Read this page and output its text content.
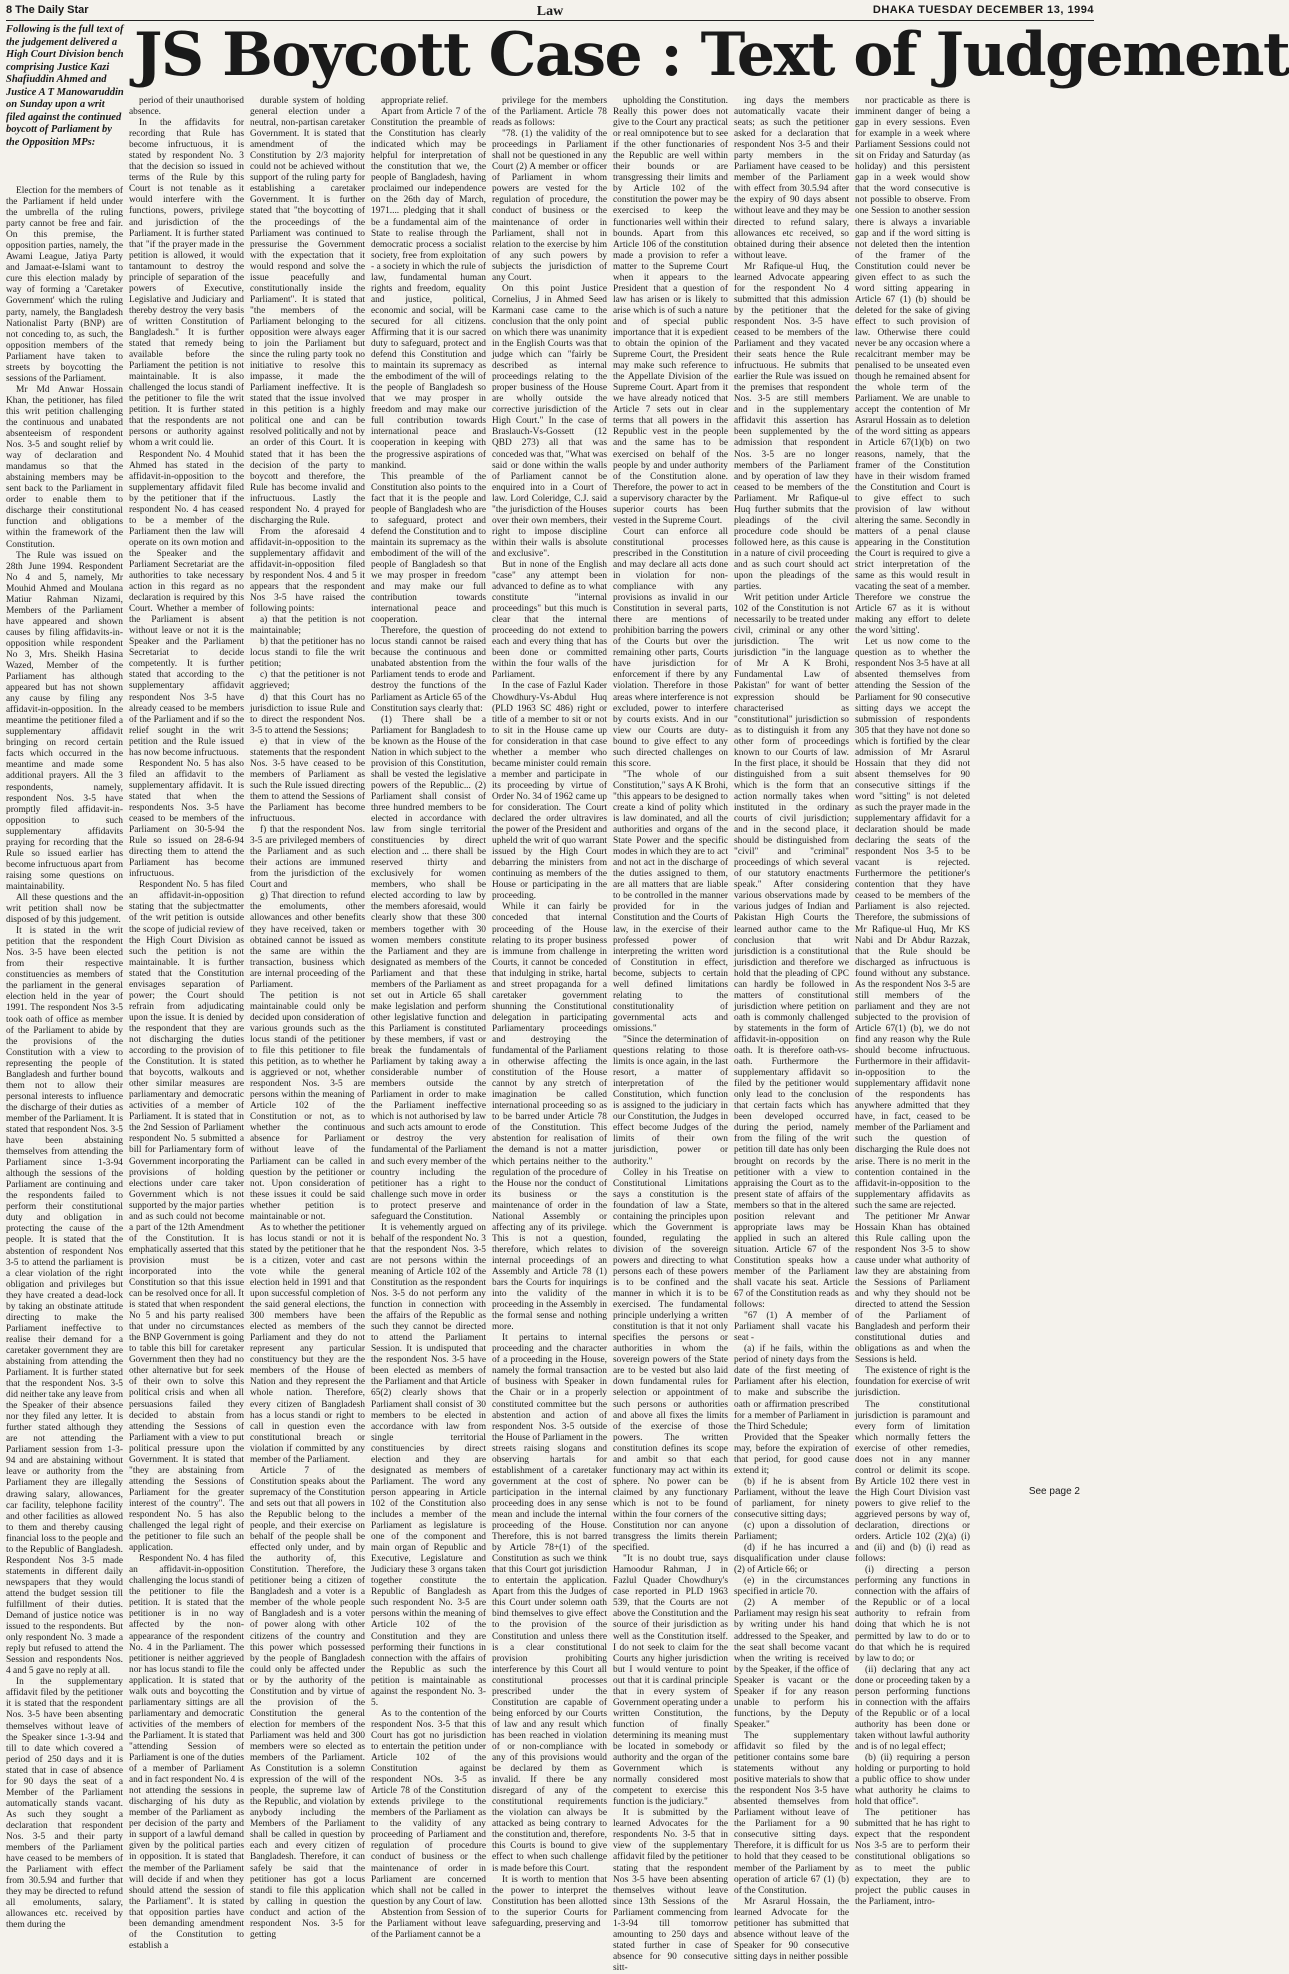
8 The Daily Star	Law	DHAKA TUESDAY DECEMBER 13, 1994
Following is the full text of the judgement delivered a High Court Division bench comprising Justice Kazi Shafiuddin Ahmed and Justice A T Manowaruddin on Sunday upon a writ filed against the continued boycott of Parliament by the Opposition MPs:
JS Boycott Case : Text of Judgement

Election for the members of the Parliament if held under the umbrella of the ruling party cannot be free and fair. On this premise, the opposition parties, namely, the Awami League, Jatiya Party and Jamaat-e-Islami want to cure this election malady by way of forming a 'Caretaker Government' which the ruling party, namely, the Bangladesh Nationalist Party (BNP) are not conceding to, as such, the opposition members of the Parliament have taken to streets by boycotting the sessions of the Parliament.

Mr Md Anwar Hossain Khan, the petitioner, has filed this writ petition challenging the continuous and unabated absenteeism of respondent Nos. 3-5 and sought relief by way of declaration and mandamus so that the abstaining members may be sent back to the Parliament in order to enable them to discharge their constitutional function and obligations within the framework of the Constitution.

The Rule was issued on 28th June 1994. Respondent No 4 and 5, namely, Mr Mouhid Ahmed and Moulana Matiur Rahman Nizami, Members of the Parliament have appeared and shown causes by filing affidavits-in-opposition while respondent No 3, Mrs. Sheikh Hasina Wazed, Member of the Parliament has although appeared but has not shown any cause by filing any affidavit-in-opposition. In the meantime the petitioner filed a supplementary affidavit bringing on record certain facts which occurred in the meantime and made some additional prayers. All the 3 respondents, namely, respondent Nos. 3-5 have promptly filed affidavit-in-opposition to such supplementary affidavits praying for recording that the Rule so issued earlier has become infructuous apart from raising some questions on maintainability.

All these questions and the writ petition shall now be disposed of by this judgement.

It is stated in the writ petition that the respondent Nos. 3-5 have been elected from their respective constituencies as members of the parliament in the general election held in the year of 1991. The respondent Nos 3-5 took oath of office as member of the Parliament to abide by the provisions of the Constitution with a view to representing the people of Bangladesh and further bound them not to allow their personal interests to influence the discharge of their duties as member of the Parliament. It is stated that respondent Nos. 3-5 have been abstaining themselves from attending the Parliament since 1-3-94 although the sessions of the Parliament are continuing and the respondents failed to perform their constitutional duty and obligation in protecting the cause of the people. It is stated that the abstention of respondent Nos 3-5 to attend the parliament is a clear violation of the right obligation and privileges but they have created a dead-lock by taking an obstinate attitude directing to make the Parliament ineffective to realise their demand for a caretaker government they are abstaining from attending the Parliament. It is further stated that the respondent Nos. 3-5 did neither take any leave from the Speaker of their absence nor they filed any letter. It is further stated although they are not attending the Parliament session from 1-3-94 and are abstaining without leave or authority from the Parliament they are illegally drawing salary, allowances, car facility, telephone facility and other facilities as allowed to them and thereby causing financial loss to the people and to the Republic of Bangladesh. Respondent Nos 3-5 made statements in different daily newspapers that they would attend the budget session till fulfillment of their duties. Demand of justice notice was issued to the respondents. But only respondent No. 3 made a reply but refused to attend the Session and respondents Nos. 4 and 5 gave no reply at all.

In the supplementary affidavit filed by the petitioner it is stated that the respondent Nos. 3-5 have been absenting themselves without leave of the Speaker since 1-3-94 and till to date which covered a period of 250 days and it is stated that in case of absence for 90 days the seat of a Member of the Parliament automatically stands vacant. As such they sought a declaration that respondent Nos. 3-5 and their party members of the Parliament have ceased to be members of the Parliament with effect from 30.5.94 and further that they may be directed to refund all emoluments, salary, allowances etc. received by them during the

period of their unauthorised absence.

In the affidavits for recording that Rule has become infructuous, it is stated by respondent No. 3 that the decision so issued in terms of the Rule by this Court is not tenable as it would interfere with the functions, powers, privilege and jurisdiction of the Parliament. It is further stated that "if the prayer made in the petition is allowed, it would tantamount to destroy the principle of separation of the powers of Executive, Legislative and Judiciary and thereby destroy the very basis of written Constitution of Bangladesh." It is further stated that remedy being available before the Parliament the petition is not maintainable. It is also challenged the locus standi of the petitioner to file the writ petition. It is further stated that the respondents are not persons or authority against whom a writ could lie.

Respondent No. 4 Mouhid Ahmed has stated in the affidavit-in-opposition to the supplementary affidavit filed by the petitioner that if the respondent No. 4 has ceased to be a member of the Parliament then the law will operate on its own motion and the Speaker and the Parliament Secretariat are the authorities to take necessary action in this regard as no declaration is required by this Court. Whether a member of the Parliament is absent without leave or not it is the Speaker and the Parliament Secretariat to decide competently. It is further stated that according to the supplementary affidavit respondent Nos 3-5 have already ceased to be members of the Parliament and if so the relief sought in the writ petition and the Rule issued has now become infructuous.

Respondent No. 5 has also filed an affidavit to the supplementary affidavit. It is stated that when the respondents Nos. 3-5 have ceased to be members of the Parliament on 30-5-94 the Rule so issued on 28-6-94 directing them to attend the Parliament has become infructuous.

Respondent No. 5 has filed an affidavit-in-opposition stating that the subjectmatter of the writ petition is outside the scope of judicial review of the High Court Division as such the petition is not maintainable. It is further stated that the Constitution envisages separation of power; the Court should refrain from adjudicating upon the issue. It is denied by the respondent that they are not discharging the duties according to the provision of the Constitution. It is stated that boycotts, walkouts and other similar measures are parliamentary and democratic activities of a member of Parliament. It is stated that in the 2nd Session of Parliament respondent No. 5 submitted a bill for Parliamentary form of Government incorporating the provisions of holding elections under care taker Government which is not supported by the major parties and as such could not become a part of the 12th Amendment of the Constitution. It is emphatically asserted that this provision must be incorporated into the Constitution so that this issue can be resolved once for all. It is stated that when respondent No 5 and his party realised that under no circumstances the BNP Government is going to table this bill for caretaker Government then they had no other alternative but for seek of their own to solve this political crisis and when all persuasions failed they decided to abstain from attending the Sessions of Parliament with a view to put political pressure upon the Government. It is stated that "they are abstaining from attending the Sessions of Parliament for the greater interest of the country". The respondent No. 5 has also challenged the legal right of the petitioner to file such an application.

Respondent No. 4 has filed an affidavit-in-opposition challenging the locus standi of the petitioner to file the petition. It is stated that the petitioner is in no way affected by the non-appearance of the respondent No. 4 in the Parliament. The petitioner is neither aggrieved nor has locus standi to file the application. It is stated that walk outs and boycotting the parliamentary sittings are all parliamentary and democratic activities of the members of the Parliament. It is stated that "attending Session of Parliament is one of the duties of a member of Parliament and in fact respondent No. 4 is not attending the sessions in discharging of his duty as member of the Parliament as per decision of the party and in support of a lawful demand given by the political parties in opposition. It is stated that the member of the Parliament will decide if and when they should attend the session of the Parliament". It is stated that opposition parties have been demanding amendment of the Constitution to establish a

durable system of holding general election under a neutral, non-partisan caretaker Government. It is stated that amendment of the Constitution by 2/3 majority could not be achieved without support of the ruling party for establishing a caretaker Government. It is further stated that "the boycotting of the proceedings of the Parliament was continued to pressurise the Government with the expectation that it would respond and solve the issue peacefully and constitutionally inside the Parliament". It is stated that "the members of the Parliament belonging to the opposition were always eager to join the Parliament but since the ruling party took no initiative to resolve this impasse, it made the Parliament ineffective. It is stated that the issue involved in this petition is a highly political one and can be resolved politically and not by an order of this Court. It is stated that it has been the decision of the party to boycott and therefore, the Rule has become invalid and infructuous. Lastly the respondent No. 4 prayed for discharging the Rule.

From the aforesaid 4 affidavit-in-opposition to the supplementary affidavit and affidavit-in-opposition filed by respondent Nos. 4 and 5 it appears that the respondent Nos 3-5 have raised the following points:

a) that the petition is not maintainable;

b) that the petitioner has no locus standi to file the writ petition;

c) that the petitioner is not aggrieved;

d) that this Court has no jurisdiction to issue Rule and to direct the respondent Nos. 3-5 to attend the Sessions;

e) that in view of the statements that the respondent Nos. 3-5 have ceased to be members of Parliament as such the Rule issued directing them to attend the Sessions of the Parliament has become infructuous.

f) that the respondent Nos. 3-5 are privileged members of the Parliament and as such their actions are immuned from the jurisdiction of the Court and

g) That direction to refund the emoluments, other allowances and other benefits they have received, taken or obtained cannot be issued as the same are within the transaction, business which are internal proceeding of the Parliament.

The petition is not maintainable could only be decided upon consideration of various grounds such as the locus standi of the petitioner to file this petitioner to file this petition, as to whether he is aggrieved or not, whether respondent Nos. 3-5 are persons within the meaning of Article 102 of the Constitution or not, as to whether the continuous absence for Parliament without leave of the Parliament can be called in question by the petitioner or not. Upon consideration of these issues it could be said whether petition is maintainable or not.

As to whether the petitioner has locus standi or not it is stated by the petitioner that he is a citizen, voter and cast vote while the general election held in 1991 and that upon successful completion of the said general elections, the 300 members have been elected as members of the Parliament and they do not represent any particular constituency but they are the members of the House of Nation and they represent the whole nation. Therefore, every citizen of Bangladesh has a locus standi or right to call in question even the constitutional breach or violation if committed by any member of the Parliament.

Article 7 of the Constitution speaks about the supremacy of the Constitution and sets out that all powers in the Republic belong to the people, and their exercise on behalf of the people shall be effected only under, and by the authority of, this Constitution. Therefore, the petitioner being a citizen of Bangladesh and a voter is a member of the whole people of Bangladesh and is a voter of power along with other citizens of the country and this power which possessed by the people of Bangladesh could only be affected under or by the authority of the Constitution and by virtue of the provision of the Constitution the general election for members of the Parliament was held and 300 members were so elected as members of the Parliament. As Constitution is a solemn expression of the will of the people, the supreme law of the Republic, and violation by anybody including the Members of the Parliament shall be called in question by each and every citizen of Bangladesh. Therefore, it can safely be said that the petitioner has got a locus standi to file this application by calling in question the conduct and action of the respondent Nos. 3-5 for getting

appropriate relief.

Apart from Article 7 of the Constitution the preamble of the Constitution has clearly indicated which may be helpful for interpretation of the constitution that we, the people of Bangladesh, having proclaimed our independence on the 26th day of March, 1971.... pledging that it shall be a fundamental aim of the State to realise through the democratic process a socialist society, free from exploitation - a society in which the rule of law, fundamental human rights and freedom, equality and justice, political, economic and social, will be secured for all citizens. Affirming that it is our sacred duty to safeguard, protect and defend this Constitution and to maintain its supremacy as the embodiment of the will of the people of Bangladesh so that we may prosper in freedom and may make our full contribution towards international peace and cooperation in keeping with the progressive aspirations of mankind.

This preamble of the Constitution also points to the fact that it is the people and people of Bangladesh who are to safeguard, protect and defend the Constitution and to maintain its supremacy as the embodiment of the will of the people of Bangladesh so that we may prosper in freedom and may make our full contribution towards international peace and cooperation.

Therefore, the question of locus standi cannot be raised because the continuous and unabated abstention from the Parliament tends to erode and destroy the functions of the Parliament as Article 65 of the Constitution says clearly that:

(1) There shall be a Parliament for Bangladesh to be known as the House of the Nation in which subject to the provision of this Constitution, shall be vested the legislative powers of the Republic... (2) Parliament shall consist of three hundred members to be elected in accordance with law from single territorial constituencies by direct election and ... there shall be reserved thirty and exclusively for women members, who shall be elected according to law by the members aforesaid, would clearly show that these 300 members together with 30 women members constitute the Parliament and they are designated as members of the Parliament and that these members of the Parliament as set out in Article 65 shall make legislation and perform other legislative function and this Parliament is constituted by these members, if vast or break the fundamentals of Parliament by taking away a considerable number of members outside the Parliament in order to make the Parliament ineffective which is not authorised by law and such acts amount to erode or destroy the very fundamental of the Parliament and such every member of the country including the petitioner has a right to challenge such move in order to protect preserve and safeguard the Constitution.

It is vehemently argued on behalf of the respondent No. 3 that the respondent Nos. 3-5 are not persons within the meaning of Article 102 of the Constitution as the respondent Nos. 3-5 do not perform any function in connection with the affairs of the Republic as such they cannot be directed to attend the Parliament Session. It is undisputed that the respondent Nos. 3-5 have been elected as members of the Parliament and that Article 65(2) clearly shows that Parliament shall consist of 30 members to be elected in accordance with law from single territorial constituencies by direct election and they are designated as members of Parliament. The word any person appearing in Article 102 of the Constitution also includes a member of the Parliament as legislature is one of the component and main organ of Republic and Executive, Legislature and Judiciary these 3 organs taken together constitute the Republic of Bangladesh as such respondent No. 3-5 are persons within the meaning of Article 102 of the Constitution and they are performing their functions in connection with the affairs of the Republic as such the petition is maintainable as against the respondent No. 3-5.

As to the contention of the respondent Nos. 3-5 that this Court has got no jurisdiction to entertain the petition under Article 102 of the Constitution against respondent NOs. 3-5 as Article 78 of the Constitution extends privilege to the members of the Parliament as to the validity of any proceeding of Parliament and regulation of procedure conduct of business or the maintenance of order in Parliament are concerned which shall not be called in question by any Court of law.

Abstention from Session of the Parliament without leave of the Parliament cannot be a

privilege for the members of the Parliament. Article 78 reads as follows:

"78. (1) the validity of the proceedings in Parliament shall not be questioned in any Court (2) A member or officer of Parliament in whom powers are vested for the regulation of procedure, the conduct of business or the maintenance of order in Parliament, shall not in relation to the exercise by him of any such powers by subjects the jurisdiction of any Court.

On this point Justice Cornelius, J in Ahmed Seed Karmani case came to the conclusion that the only point on which there was unanimity in the English Courts was that judge which can "fairly be described as internal proceedings relating to the proper business of the House are wholly outside the corrective jurisdiction of the High Court." In the case of Braslauch-Vs-Gossett (12 QBD 273) all that was conceded was that, "What was said or done within the walls of Parliament cannot be enquired into in a Court of law. Lord Coleridge, C.J. said "the jurisdiction of the Houses over their own members, their right to impose discipline within their walls is absolute and exclusive".

But in none of the English "case" any attempt been advanced to define as to what constitute "internal proceedings" but this much is clear that the internal proceeding do not extend to each and every thing that has been done or committed within the four walls of the Parliament.

In the case of Fazlul Kader Chowdhury-Vs-Abdul Huq (PLD 1963 SC 486) right or title of a member to sit or not to sit in the House came up for consideration in that case whether a member who became minister could remain a member and participate in its proceeding by virtue of Order No. 34 of 1962 came up for consideration. The Court declared the order ultravires the power of the President and upheld the writ of quo warrant issued by the High Court debarring the ministers from continuing as members of the House or participating in the proceeding.

While it can fairly be conceded that internal proceeding of the House relating to its proper business is immune from challenge in Courts, it cannot be conceded that indulging in strike, hartal and street propaganda for a caretaker government shunning the Constitutional delegation in participating Parliamentary proceedings and destroying the fundamental of the Parliament in otherwise affecting the constitution of the House cannot by any stretch of imagination be called international proceeding so as to be barred under Article 78 of the Constitution. This abstention for realisation of the demand is not a matter which pertains neither to the regulation of the procedure of the House nor the conduct of its business or the maintenance of order in the National Assembly or affecting any of its privilege. This is not a question, therefore, which relates to internal proceedings of an Assembly and Article 78 (1) bars the Courts for inquirings into the validity of the proceeding in the Assembly in the formal sense and nothing more.

It pertains to internal proceeding and the character of a proceeding in the House, namely the formal transaction of business with Speaker in the Chair or in a properly constituted committee but the abstention and action of respondent Nos. 3-5 outside the House of Parliament in the streets raising slogans and observing hartals for establishment of a caretaker government at the cost of participation in the internal proceeding does in any sense mean and include the internal proceeding of the House. Therefore, this is not barred by Article 78+(1) of the Constitution as such we think that this Court got jurisdiction to entertain the application. Apart from this the Judges of this Court under solemn oath bind themselves to give effect to the provision of the Constitution and unless there is a clear constitutional provision prohibiting interference by this Court all constitutional processes prescribed under the Constitution are capable of being enforced by our Courts of law and any result which has been reached in violation of or non-compliance with any of this provisions would be declared by them as invalid. If there be any disregard of any of the constitutional requirements the violation can always be attacked as being contrary to the constitution and, therefore, this Courts is bound to give effect to when such challenge is made before this Court.

It is worth to mention that the power to interpret the Constitution has been allotted to the superior Courts for safeguarding, preserving and

upholding the Constitution. Really this power does not give to the Court any practical or real omnipotence but to see if the other functionaries of the Republic are well within their bounds or are transgressing their limits and by Article 102 of the constitution the power may be exercised to keep the functionaries well within their bounds. Apart from this Article 106 of the constitution made a provision to refer a matter to the Supreme Court when it appears to the President that a question of law has arisen or is likely to arise which is of such a nature and of special public importance that it is expedient to obtain the opinion of the Supreme Court, the President may make such reference to the Appellate Division of the Supreme Court. Apart from it we have already noticed that Article 7 sets out in clear terms that all powers in the Republic vest in the people and the same has to be exercised on behalf of the people by and under authority of the Constitution alone. Therefore, the power to act in a supervisory character by the superior courts has been vested in the Supreme Court.

Court can enforce all constitutional processes prescribed in the Constitution and may declare all acts done in violation for non-compliance with any provisions as invalid in our Constitution in several parts, there are mentions of prohibition barring the powers of the Courts but over the remaining other parts, Courts have jurisdiction for enforcement if there by any violation. Therefore in those areas where interference is not excluded, power to interfere by courts exists. And in our view our Courts are duty-bound to give effect to any such directed challenges on this score.

"The whole of our Constitution," says A K Brohi, "this appears to be designed to create a kind of polity which is law dominated, and all the authorities and organs of the State Power and the specific modes in which they are to act and not act in the discharge of the duties assigned to them, are all matters that are liable to be controlled in the manner provided for in the Constitution and the Courts of law, in the exercise of their professed power of interpreting the written word of Constitution in effect, become, subjects to certain well defined limitations relating to the constitutionality of governmental acts and omissions."

"Since the determination of questions relating to those limits is once again, in the last resort, a matter of interpretation of the Constitution, which function is assigned to the judiciary in our Constitution, the Judges in effect become Judges of the limits of their own jurisdiction, power or authority."

Colley in his Treatise on Constitutional Limitations says a constitution is the foundation of law a State, containing the principles upon which the Government is founded, regulating the division of the sovereign powers and directing to what persons each of these powers is to be confined and the manner in which it is to be exercised. The fundamental principle underlying a written constitution is that it not only specifies the persons or authorities in whom the sovereign powers of the State are to be vested but also laid down fundamental rules for selection or appointment of such persons or authorities and above all fixes the limits of the exercise of those powers. The written constitution defines its scope and ambit so that each functionary may act within its sphere. No power can be claimed by any functionary which is not to be found within the four corners of the Constitution nor can anyone transgress the limits therein specified.

"It is no doubt true, says Hamoodur Rahman, J in Fazlul Quader Chowdhury's case reported in PLD 1963 539, that the Courts are not above the Constitution and the source of their jurisdiction as well as the Constitution itself. I do not seek to claim for the Courts any higher jurisdiction but I would venture to point out that it is cardinal principle that in every system of Government operating under a written Constitution, the function of finally determining its meaning must be located in somebody or authority and the organ of the Government which is normally considered most competent to exercise this function is the judiciary."

It is submitted by the learned Advocates for the respondents No. 3-5 that in view of the supplementary affidavit filed by the petitioner stating that the respondent Nos 3-5 have been absenting themselves without leave since 13th Sessions of the Parliament commencing from 1-3-94 till tomorrow amounting to 250 days and stated further in case of absence for 90 consecutive sitt-

ing days the members automatically vacate their seats; as such the petitioner asked for a declaration that respondent Nos 3-5 and their party members in the Parliament have ceased to be member of the Parliament with effect from 30.5.94 after the expiry of 90 days absent without leave and they may be directed to refund salary, allowances etc received, so obtained during their absence without leave.

Mr Rafique-ul Huq, the learned Advocate appearing for the respondent No 4 submitted that this admission by the petitioner that the respondent Nos. 3-5 have ceased to be members of the Parliament and they vacated their seats hence the Rule infructuous. He submits that earlier the Rule was issued on the premises that respondent Nos. 3-5 are still members and in the supplementary affidavit this assertion has been supplemented by the admission that respondent Nos. 3-5 are no longer members of the Parliament and by operation of law they ceased to be members of the Parliament. Mr Rafique-ul Huq further submits that the pleadings of the civil procedure code should be followed here, as this cause is in a nature of civil proceeding and as such court should act upon the pleadings of the parties.

Writ petition under Article 102 of the Constitution is not necessarily to be treated under civil, criminal or any other jurisdiction. The writ jurisdiction "in the language of Mr A K Brohi, Fundamental Law of Pakistan" for want of better expression should be characterised as "constitutional" jurisdiction so as to distinguish it from any other form of proceedings known to our Courts of law. In the first place, it should be distinguished from a suit which is the form that an action normally takes when instituted in the ordinary courts of civil jurisdiction; and in the second place, it should be distinguished from "civil" and "criminal" proceedings of which several of our statutory enactments speak." After considering various observations made by various judges of Indian and Pakistan High Courts the learned author came to the conclusion that writ jurisdiction is a constitutional jurisdiction and therefore we hold that the pleading of CPC can hardly be followed in matters of constitutional jurisdiction where petition on oath is commonly challenged by statements in the form of affidavit-in-opposition on oath. It is therefore oath-vs-oath. Furthermore the supplementary affidavit so filed by the petitioner would only lead to the conclusion that certain facts which has been developed occurred during the period, namely from the filing of the writ petition till date has only been brought on records by the petitioner with a view to appraising the Court as to the present state of affairs of the members so that in the altered position relevant and appropriate laws may be applied in such an altered situation. Article 67 of the Constitution speaks how a member of the Parliament shall vacate his seat. Article 67 of the Constitution reads as follows:

"67 (1) A member of Parliament shall vacate his seat -

(a) if he fails, within the period of ninety days from the date of the first meeting of Parliament after his election, to make and subscribe the oath or affirmation prescribed for a member of Parliament in the Third Schedule;

Provided that the Speaker may, before the expiration of that period, for good cause extend it;

(b) if he is absent from Parliament, without the leave of parliament, for ninety consecutive sitting days;

(c) upon a dissolution of Parliament;

(d) if he has incurred a disqualification under clause (2) of Article 66; or

(e) in the circumstances specified in article 70.

(2) A member of Parliament may resign his seat by writing under his hand addressed to the Speaker, and the seat shall become vacant when the writing is received by the Speaker, if the office of Speaker is vacant or the Speaker if for any reason unable to perform his functions, by the Deputy Speaker."

The supplementary affidavit so filed by the petitioner contains some bare statements without any positive materials to show that the respondent Nos 3-5 have absented themselves from Parliament without leave of the Parliament for a 90 consecutive sitting days. Therefore, it is difficult for us to hold that they ceased to be member of the Parliament by operation of article 67 (1) (b) of the Constitution.

Mr Asrarul Hossain, the learned Advocate for the petitioner has submitted that absence without leave of the Speaker for 90 consecutive sitting days in neither possible

nor practicable as there is imminent danger of being a gap in every sessions. Even for example in a week where Parliament Sessions could not sit on Friday and Saturday (as holiday) and this persistent gap in a week would show that the word consecutive is not possible to observe. From one Session to another session there is always a invariable gap and if the word sitting is not deleted then the intention of the framer of the Constitution could never be given effect to as such the word sitting appearing in Article 67 (1) (b) should be deleted for the sake of giving effect to such provision of law. Otherwise there could never be any occasion where a recalcitrant member may be penalised to be unseated even though he remained absent for the whole term of the Parliament. We are unable to accept the contention of Mr Asrarul Hossain as to deletion of the word sitting as appears in Article 67(1)(b) on two reasons, namely, that the framer of the Constitution have in their wisdom framed the Constitution and Court is to give effect to such provision of law without altering the same. Secondly in matters of a penal clause appearing in the Constitution the Court is required to give a strict interpretation of the same as this would result in vacating the seat of a member. Therefore we construe the Article 67 as it is without making any effort to delete the word 'sitting'.

Let us now come to the question as to whether the respondent Nos 3-5 have at all absented themselves from attending the Session of the Parliament for 90 consecutive sitting days we accept the submission of respondents 305 that they have not done so which is fortified by the clear admission of Mr Asrarul Hossain that they did not absent themselves for 90 consecutive sittings if the word "sitting" is not deleted as such the prayer made in the supplementary affidavit for a declaration should be made declaring the seats of the respondent Nos 3-5 to be vacant is rejected. Furthermore the petitioner's contention that they have ceased to be members of the Parliament is also rejected. Therefore, the submissions of Mr Rafique-ul Huq, Mr KS Nabi and Dr Abdur Razzak, that the Rule should be discharged as infructuous is found without any substance. As the respondent Nos 3-5 are still members of the parliament and they are not subjected to the provision of Article 67(1) (b), we do not find any reason why the Rule should become infructuous. Furthermore in their affidavit-in-opposition to the supplementary affidavit none of the respondents has anywhere admitted that they have, in fact, ceased to be member of the Parliament and such the question of discharging the Rule does not arise. There is no merit in the contention contained in the affidavit-in-opposition to the supplementary affidavits as such the same are rejected.

The petitioner Mr Anwar Hossain Khan has obtained this Rule calling upon the respondent Nos 3-5 to show cause under what authority of law they are abstaining from the Sessions of Parliament and why they should not be directed to attend the Session of the Parliament of Bangladesh and perform their constitutional duties and obligations as and when the Sessions is held.

The existence of right is the foundation for exercise of writ jurisdiction.

The constitutional jurisdiction is paramount and every form of limitation which normally fetters the exercise of other remedies, does not in any manner control or delimit its scope. By Article 102 there vest in the High Court Division vast powers to give relief to the aggrieved persons by way of, declaration, directions or orders. Article 102 (2)(a) (i) and (ii) and (b) (i) read as follows:

(i) directing a person performing any functions in connection with the affairs of the Republic or of a local authority to refrain from doing that which he is not permitted by law to do or to do that which he is required by law to do; or

(ii) declaring that any act done or proceeding taken by a person performing functions in connection with the affairs of the Republic or of a local authority has been done or taken without lawful authority and is of no legal effect;

(b) (ii) requiring a person holding or purporting to hold a public office to show under what authority he claims to hold that office".

The petitioner has submitted that he has right to expect that the respondent Nos 3-5 are to perform their constitutional obligations so as to meet the public expectation, they are to project the public causes in the Parliament, intro-

See page 2
